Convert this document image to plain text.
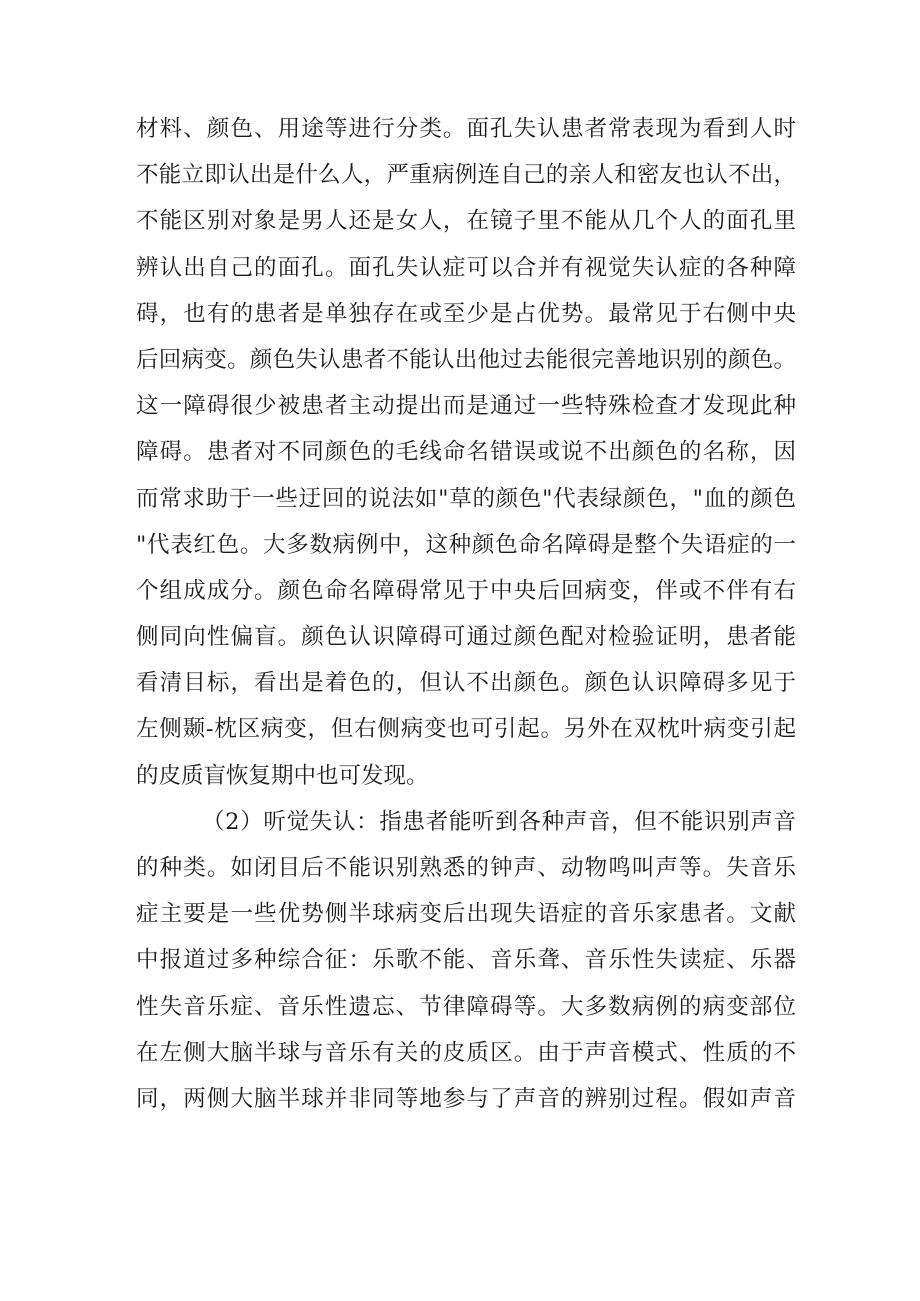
材料、颜色、用途等进行分类。面孔失认患者常表现为看到人时
不能立即认出是什么人，严重病例连自己的亲人和密友也认不出，
不能区别对象是男人还是女人，在镜子里不能从几个人的面孔里
辨认出自己的面孔。面孔失认症可以合并有视觉失认症的各种障
碍，也有的患者是单独存在或至少是占优势。最常见于右侧中央
后回病变。颜色失认患者不能认出他过去能很完善地识别的颜色。
这一障碍很少被患者主动提出而是通过一些特殊检查才发现此种
障碍。患者对不同颜色的毛线命名错误或说不出颜色的名称，因
而常求助于一些迂回的说法如"草的颜色"代表绿颜色，"血的颜色
"代表红色。大多数病例中，这种颜色命名障碍是整个失语症的一
个组成成分。颜色命名障碍常见于中央后回病变，伴或不伴有右
侧同向性偏盲。颜色认识障碍可通过颜色配对检验证明，患者能
看清目标，看出是着色的，但认不出颜色。颜色认识障碍多见于
左侧颞-枕区病变，但右侧病变也可引起。另外在双枕叶病变引起
的皮质盲恢复期中也可发现。
（2）听觉失认：指患者能听到各种声音，但不能识别声音
的种类。如闭目后不能识别熟悉的钟声、动物鸣叫声等。失音乐
症主要是一些优势侧半球病变后出现失语症的音乐家患者。文献
中报道过多种综合征：乐歌不能、音乐聋、音乐性失读症、乐器
性失音乐症、音乐性遗忘、节律障碍等。大多数病例的病变部位
在左侧大脑半球与音乐有关的皮质区。由于声音模式、性质的不
同，两侧大脑半球并非同等地参与了声音的辨别过程。假如声音
